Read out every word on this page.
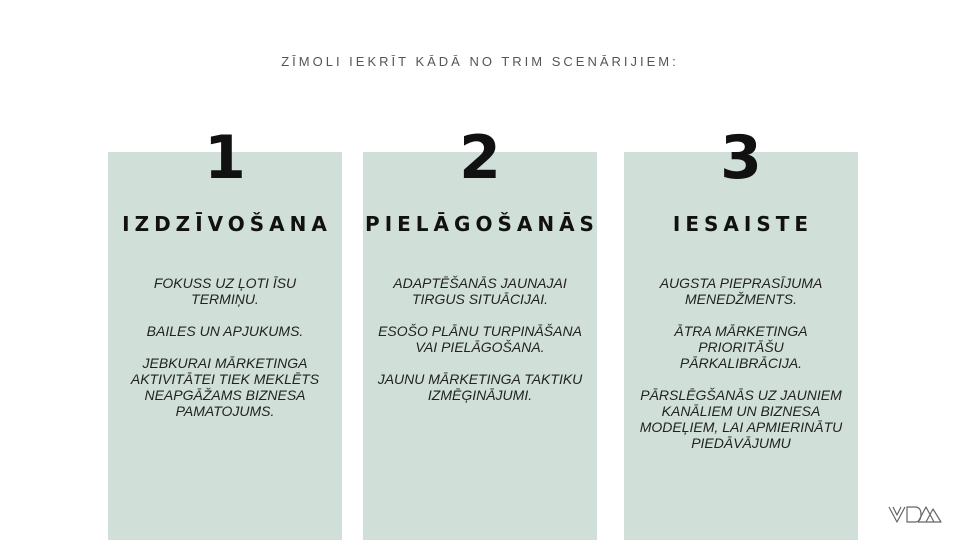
ZĪMOLI IEKRĪT KĀDĀ NO TRIM SCENĀRIJIEM:
1
IZDZĪVOŠANA

FOKUSS UZ ĻOTI ĪSU TERMIŅU.

BAILES UN APJUKUMS.

JEBKURAI MĀRKETINGA AKTIVITĀTEI TIEK MEKLĒTS NEAPGĀŽAMS BIZNESA PAMATOJUMS.

2
PIELĀGOŠANĀS

ADAPTĒŠANĀS JAUNAJAI TIRGUS SITUĀCIJAI.

ESOŠO PLĀNU TURPINĀŠANA VAI PIELĀGOŠANA.

JAUNU MĀRKETINGA TAKTIKU IZMĒĢINĀJUMI.

3
IESAISTE

AUGSTA PIEPRASĪJUMA MENEDŽMENTS.

ĀTRA MĀRKETINGA PRIORITĀŠU PĀRKALIBRĀCIJA.

PĀRSLĒGŠANĀS UZ JAUNIEM KANĀLIEM UN BIZNESA MODEĻIEM, LAI APMIERINĀTU PIEDĀVĀJUMU
